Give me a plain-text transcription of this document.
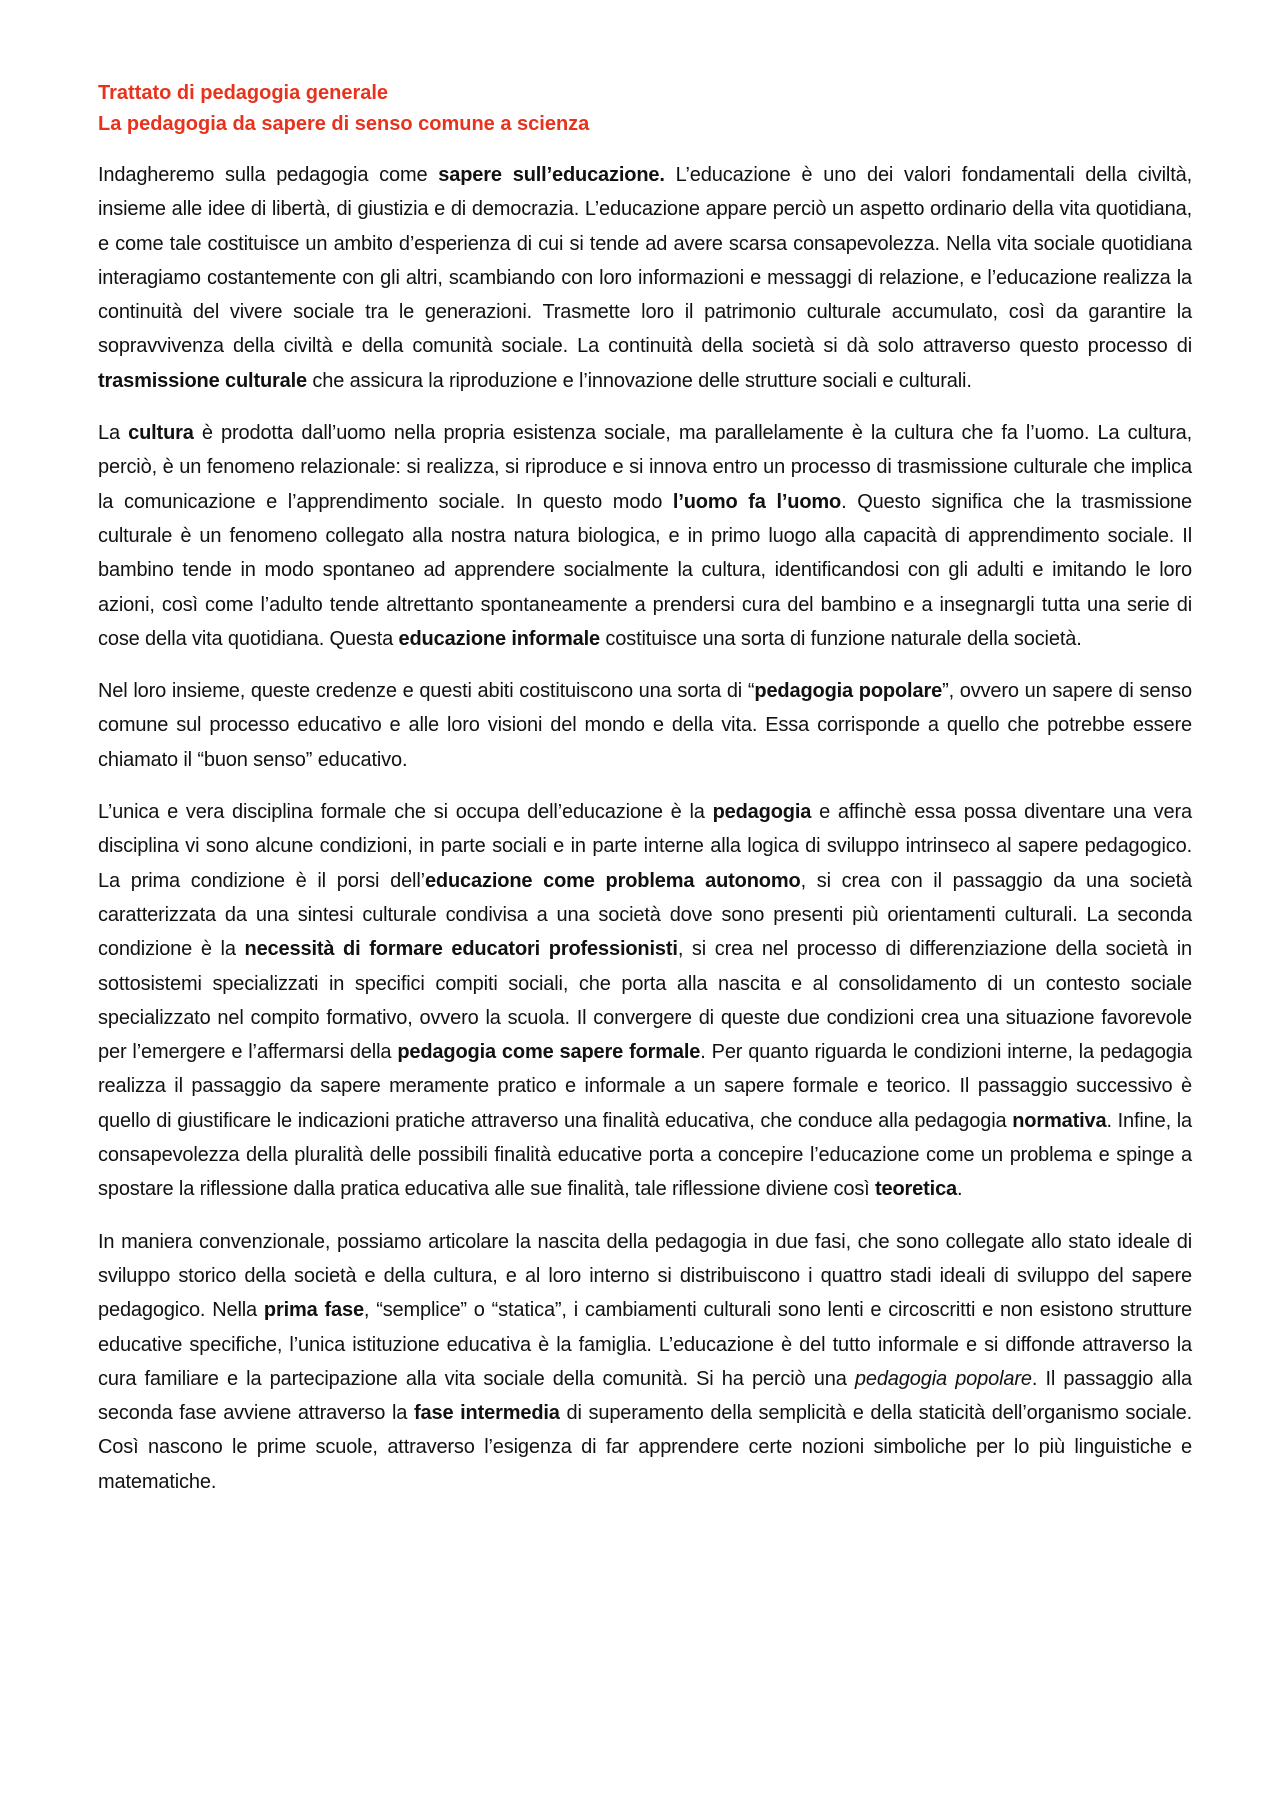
Trattato di pedagogia generale

La pedagogia da sapere di senso comune a scienza

Indagheremo sulla pedagogia come sapere sull’educazione. L’educazione è uno dei valori fondamentali della civiltà, insieme alle idee di libertà, di giustizia e di democrazia. L’educazione appare perciò un aspetto ordinario della vita quotidiana, e come tale costituisce un ambito d’esperienza di cui si tende ad avere scarsa consapevolezza. Nella vita sociale quotidiana interagiamo costantemente con gli altri, scambiando con loro informazioni e messaggi di relazione, e l’educazione realizza la continuità del vivere sociale tra le generazioni. Trasmette loro il patrimonio culturale accumulato, così da garantire la sopravvivenza della civiltà e della comunità sociale. La continuità della società si dà solo attraverso questo processo di trasmissione culturale che assicura la riproduzione e l’innovazione delle strutture sociali e culturali.

La cultura è prodotta dall’uomo nella propria esistenza sociale, ma parallelamente è la cultura che fa l’uomo. La cultura, perciò, è un fenomeno relazionale: si realizza, si riproduce e si innova entro un processo di trasmissione culturale che implica la comunicazione e l’apprendimento sociale. In questo modo l’uomo fa l’uomo. Questo significa che la trasmissione culturale è un fenomeno collegato alla nostra natura biologica, e in primo luogo alla capacità di apprendimento sociale. Il bambino tende in modo spontaneo ad apprendere socialmente la cultura, identificandosi con gli adulti e imitando le loro azioni, così come l’adulto tende altrettanto spontaneamente a prendersi cura del bambino e a insegnargli tutta una serie di cose della vita quotidiana. Questa educazione informale costituisce una sorta di funzione naturale della società.

Nel loro insieme, queste credenze e questi abiti costituiscono una sorta di “pedagogia popolare”, ovvero un sapere di senso comune sul processo educativo e alle loro visioni del mondo e della vita. Essa corrisponde a quello che potrebbe essere chiamato il “buon senso” educativo.

L’unica e vera disciplina formale che si occupa dell’educazione è la pedagogia e affinchè essa possa diventare una vera disciplina vi sono alcune condizioni, in parte sociali e in parte interne alla logica di sviluppo intrinseco al sapere pedagogico. La prima condizione è il porsi dell’educazione come problema autonomo, si crea con il passaggio da una società caratterizzata da una sintesi culturale condivisa a una società dove sono presenti più orientamenti culturali. La seconda condizione è la necessità di formare educatori professionisti, si crea nel processo di differenziazione della società in sottosistemi specializzati in specifici compiti sociali, che porta alla nascita e al consolidamento di un contesto sociale specializzato nel compito formativo, ovvero la scuola. Il convergere di queste due condizioni crea una situazione favorevole per l’emergere e l’affermarsi della pedagogia come sapere formale. Per quanto riguarda le condizioni interne, la pedagogia realizza il passaggio da sapere meramente pratico e informale a un sapere formale e teorico. Il passaggio successivo è quello di giustificare le indicazioni pratiche attraverso una finalità educativa, che conduce alla pedagogia normativa. Infine, la consapevolezza della pluralità delle possibili finalità educative porta a concepire l’educazione come un problema e spinge a spostare la riflessione dalla pratica educativa alle sue finalità, tale riflessione diviene così teoretica.

In maniera convenzionale, possiamo articolare la nascita della pedagogia in due fasi, che sono collegate allo stato ideale di sviluppo storico della società e della cultura, e al loro interno si distribuiscono i quattro stadi ideali di sviluppo del sapere pedagogico. Nella prima fase, “semplice” o “statica”, i cambiamenti culturali sono lenti e circoscritti e non esistono strutture educative specifiche, l’unica istituzione educativa è la famiglia. L’educazione è del tutto informale e si diffonde attraverso la cura familiare e la partecipazione alla vita sociale della comunità. Si ha perciò una pedagogia popolare. Il passaggio alla seconda fase avviene attraverso la fase intermedia di superamento della semplicità e della staticità dell’organismo sociale. Così nascono le prime scuole, attraverso l’esigenza di far apprendere certe nozioni simboliche per lo più linguistiche e matematiche.
